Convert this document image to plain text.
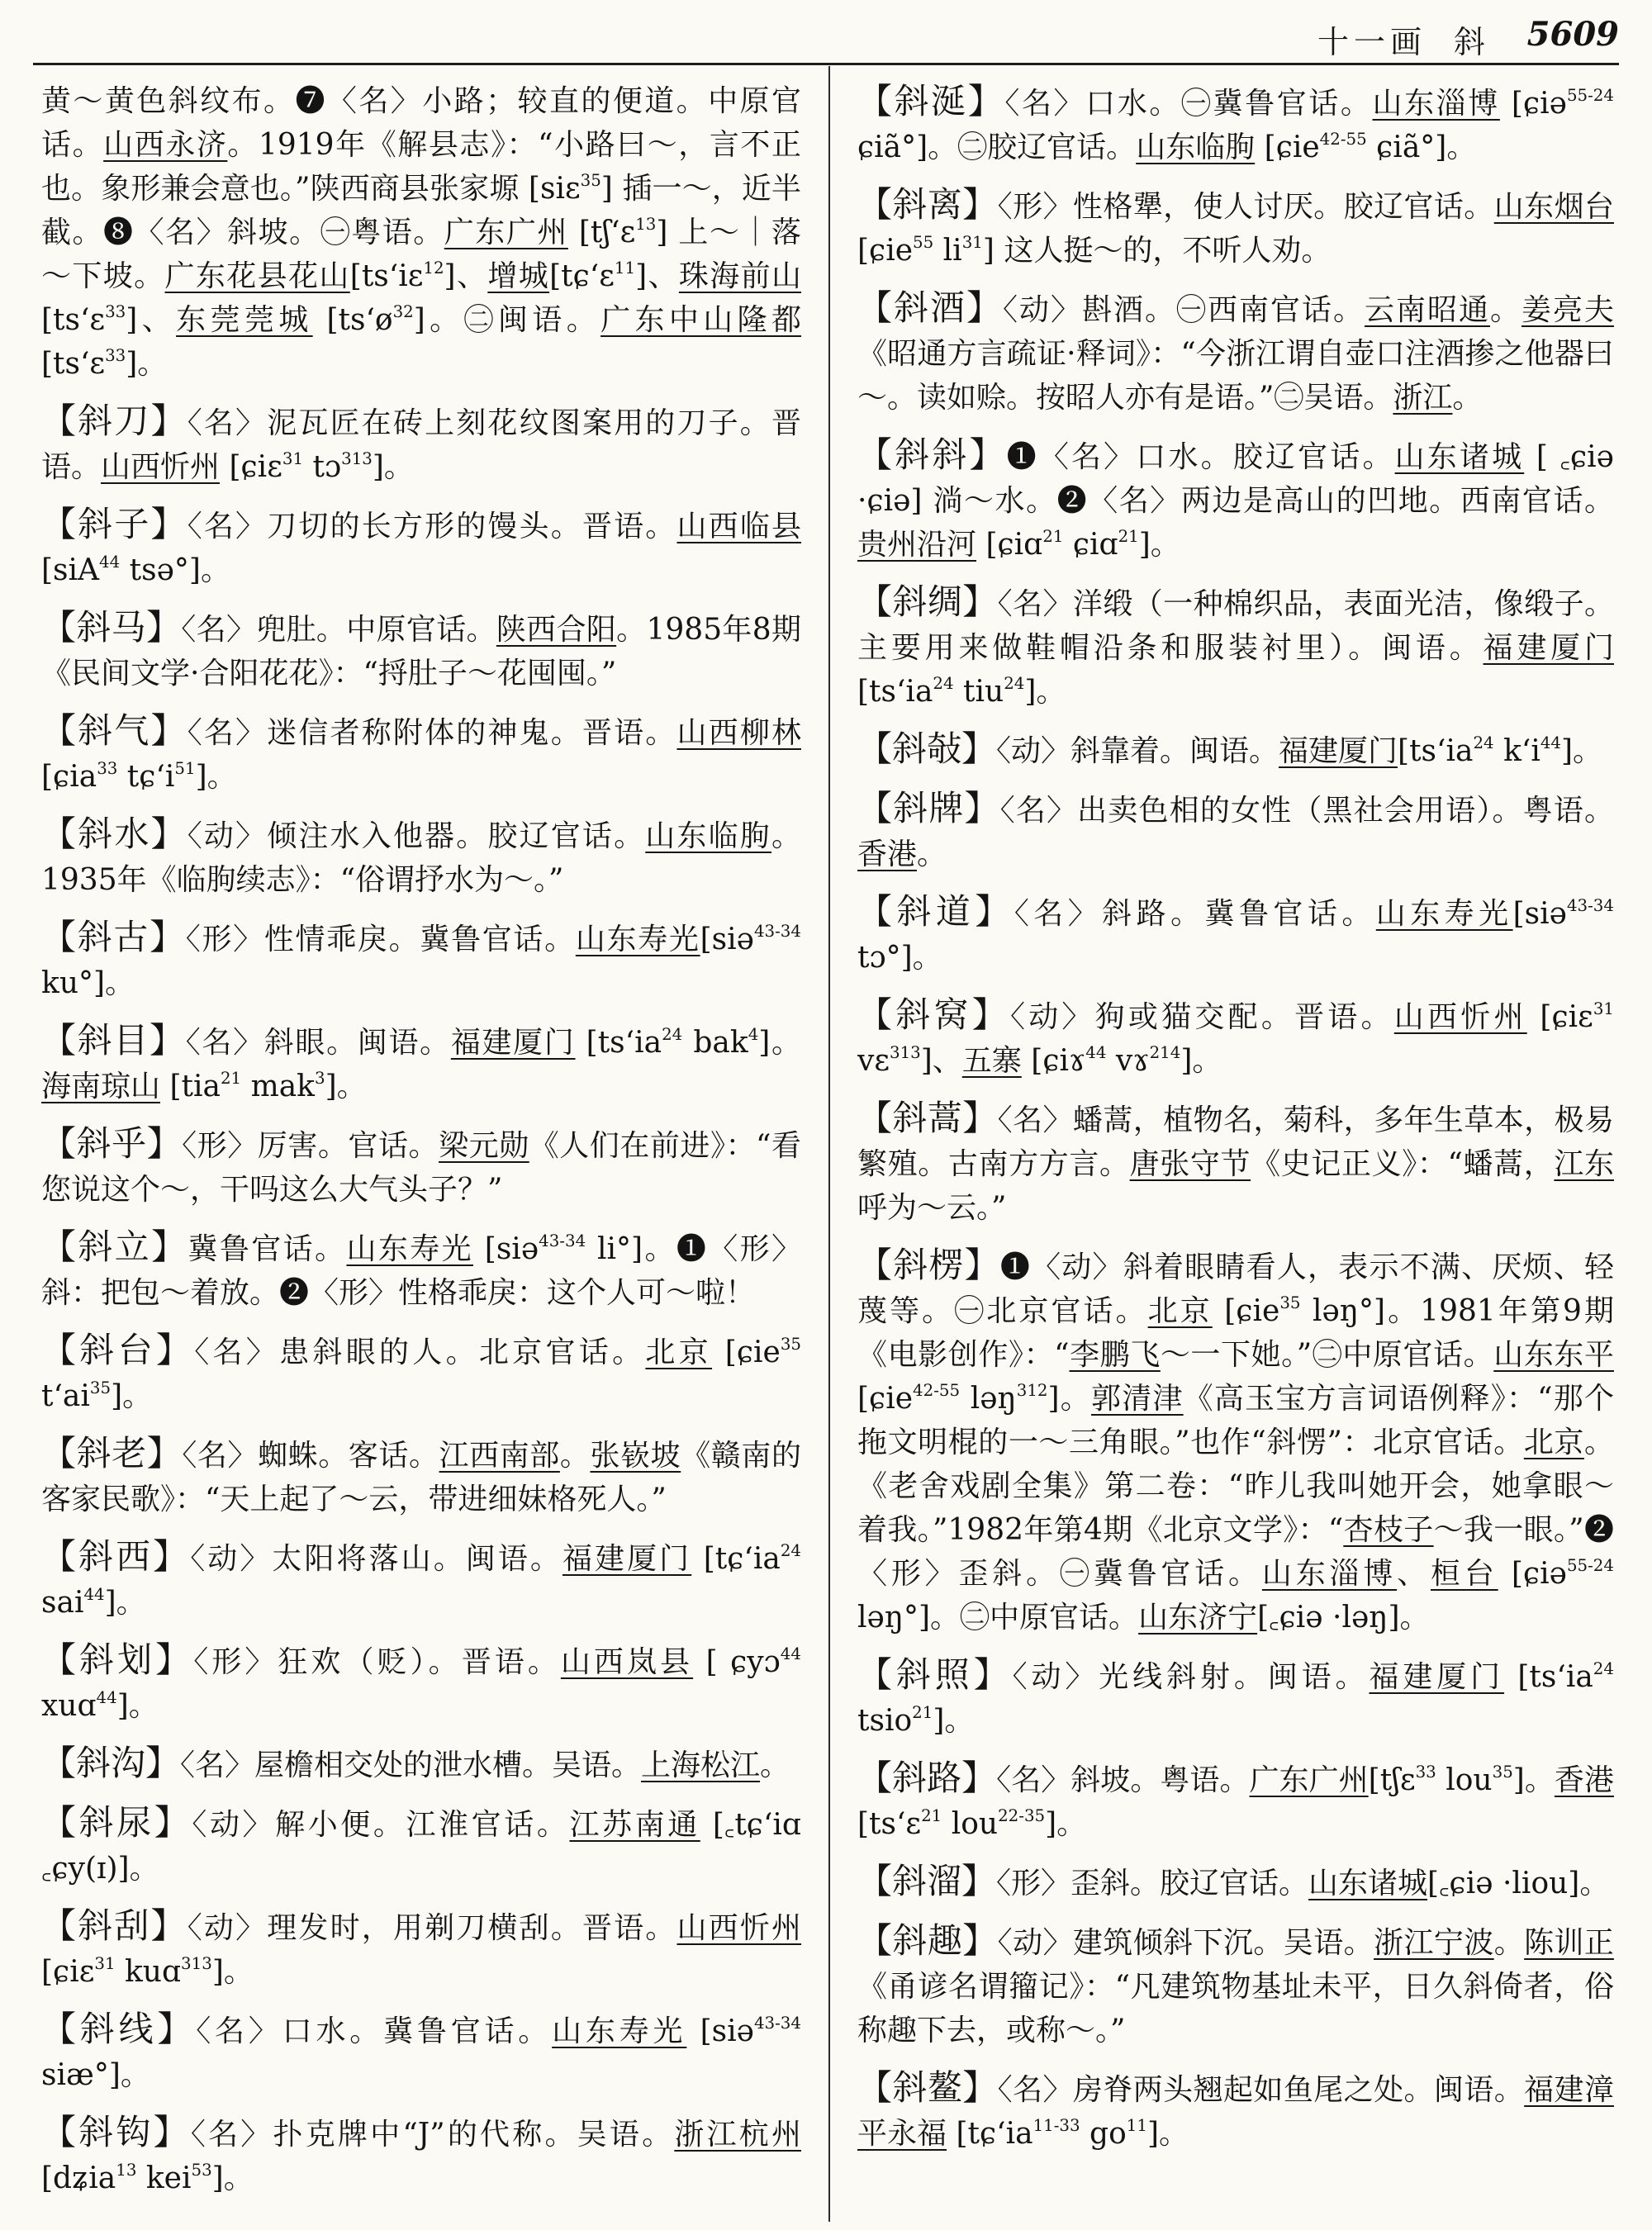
十一画 斜 5609

黄～黄色斜纹布。❼〈名〉小路；较直的便道。中原官话。山西永济。1919年《解县志》：“小路曰～，言不正也。象形兼会意也。”陕西商县张家塬 [siε$^{35}$] 插一～，近半截。❽〈名〉斜坡。㊀粤语。广东广州 $[tʃ‘\varepsilon^{13}]$ 上～｜落～下坡。广东花县花山$[ts‘i\varepsilon^{12}]$、增城$[tɕ‘\varepsilon^{11}]$、珠海前山 $[ts‘\varepsilon^{33}]$、东莞莞城 $[ts‘ø^{32}]$。㊁闽语。广东中山隆都 $[ts‘\varepsilon^{33}]$。

【斜刀】〈名〉泥瓦匠在砖上刻花纹图案用的刀子。晋语。山西忻州 [ɕiε$^{31}$ tɔ$^{313}$]。

【斜子】〈名〉刀切的长方形的馒头。晋语。山西临县 [siA$^{44}$ tsə°]。

【斜马】〈名〉兜肚。中原官话。陕西合阳。1985年8期《民间文学·合阳花花》：“捋肚子～花囤囤。”

【斜气】〈名〉迷信者称附体的神鬼。晋语。山西柳林 [ɕia$^{33}$ $tɕ‘i^{51}$]。

【斜水】〈动〉倾注水入他器。胶辽官话。山东临朐。1935年《临朐续志》：“俗谓抒水为～。”

【斜古】〈形〉性情乖戾。冀鲁官话。山东寿光[siə$^{43-34}$ ku°]。

【斜目】〈名〉斜眼。闽语。福建厦门 [$ts‘ia^{24}$ bak$^4$]。海南琼山 [tia$^{21}$ mak$^3$]。

【斜乎】〈形〉厉害。官话。梁元勋《人们在前进》：“看您说这个～，干吗这么大气头子？”

【斜立】冀鲁官话。山东寿光 [siə$^{43-34}$ li°]。❶〈形〉斜：把包～着放。❷〈形〉性格乖戾：这个人可～啦！

【斜台】〈名〉患斜眼的人。北京官话。北京 [ɕie$^{35}$ $t‘ai^{35}$]。

【斜老】〈名〉蜘蛛。客话。江西南部。张嵚坡《赣南的客家民歌》：“天上起了～云，带进细妹格死人。”

【斜西】〈动〉太阳将落山。闽语。福建厦门 [$tɕ‘ia^{24}$ sai$^{44}$]。

【斜划】〈形〉狂欢（贬）。晋语。山西岚县 [ ɕyɔ$^{44}$ xuɑ$^{44}$]。

【斜沟】〈名〉屋檐相交处的泄水槽。吴语。上海松江。

【斜尿】〈动〉解小便。江淮官话。江苏南通 [꜀tɕ‘iɑ ꜀ɕy(ɪ)]。

【斜刮】〈动〉理发时，用剃刀横刮。晋语。山西忻州 [ɕiε$^{31}$ kuɑ$^{313}$]。

【斜线】〈名〉口水。冀鲁官话。山东寿光 [siə$^{43-34}$ siæ°]。

【斜钩】〈名〉扑克牌中“J”的代称。吴语。浙江杭州 [dʑia$^{13}$ kei$^{53}$]。

【斜涎】〈名〉口水。㊀冀鲁官话。山东淄博 [ɕiə$^{55-24}$ ɕiã°]。㊁胶辽官话。山东临朐 [ɕie$^{42-55}$ ɕiã°]。

【斜离】〈形〉性格犟，使人讨厌。胶辽官话。山东烟台 [ɕie$^{55}$ $li^{31}$] 这人挺～的，不听人劝。

【斜酒】〈动〉斟酒。㊀西南官话。云南昭通。姜亮夫《昭通方言疏证·释词》：“今浙江谓自壶口注酒掺之他器曰～。读如赊。按昭人亦有是语。”㊁吴语。浙江。

【斜斜】❶〈名〉口水。胶辽官话。山东诸城 [ ꜀ɕiə ·ɕiə] 淌～水。❷〈名〉两边是高山的凹地。西南官话。贵州沿河 [ɕiɑ$^{21}$ ɕiɑ$^{21}$]。

【斜绸】〈名〉洋缎（一种棉织品，表面光洁，像缎子。主要用来做鞋帽沿条和服装衬里）。闽语。福建厦门 [$ts‘ia^{24}$ tiu$^{24}$]。

【斜敧】〈动〉斜靠着。闽语。福建厦门[$ts‘ia^{24}$ $k‘i^{44}$]。

【斜牌】〈名〉出卖色相的女性（黑社会用语）。粤语。香港。

【斜道】〈名〉斜路。冀鲁官话。山东寿光[siə$^{43-34}$ tɔ°]。

【斜窝】〈动〉狗或猫交配。晋语。山西忻州 [ɕiε$^{31}$ $v\varepsilon^{313}$]、五寨 [ɕiɤ$^{44}$ vɤ$^{214}$]。

【斜蒿】〈名〉蟠蒿，植物名，菊科，多年生草本，极易繁殖。古南方方言。唐张守节《史记正义》：“蟠蒿，江东呼为～云。”

【斜楞】❶〈动〉斜着眼睛看人，表示不满、厌烦、轻蔑等。㊀北京官话。北京 [ɕie$^{35}$ ləŋ°]。1981年第9期《电影创作》：“李鹏飞～一下她。”㊁中原官话。山东东平[ɕie$^{42-55}$ ləŋ$^{312}$]。郭清津《高玉宝方言词语例释》：“那个拖文明棍的一～三角眼。”也作“斜愣”：北京官话。北京。《老舍戏剧全集》第二卷：“昨儿我叫她开会，她拿眼～着我。”1982年第4期《北京文学》：“杏枝子～我一眼。”❷〈形〉歪斜。㊀冀鲁官话。山东淄博、桓台 [ɕiə$^{55-24}$ ləŋ°]。㊁中原官话。山东济宁[꜀ɕiə ·ləŋ]。

【斜照】〈动〉光线斜射。闽语。福建厦门 [$ts‘ia^{24}$ tsio$^{21}$]。

【斜路】〈名〉斜坡。粤语。广东广州[tʃε$^{33}$ lou$^{35}$]。香港 [$ts‘\varepsilon^{21}$ lou$^{22-35}$]。

【斜溜】〈形〉歪斜。胶辽官话。山东诸城[꜀ɕiə ·liou]。

【斜趣】〈动〉建筑倾斜下沉。吴语。浙江宁波。陈训正《甬谚名谓籀记》：“凡建筑物基址未平，日久斜倚者，俗称趣下去，或称～。”

【斜鳌】〈名〉房脊两头翘起如鱼尾之处。闽语。福建漳平永福 [$tɕ‘ia^{11-33}$ $go^{11}$]。
